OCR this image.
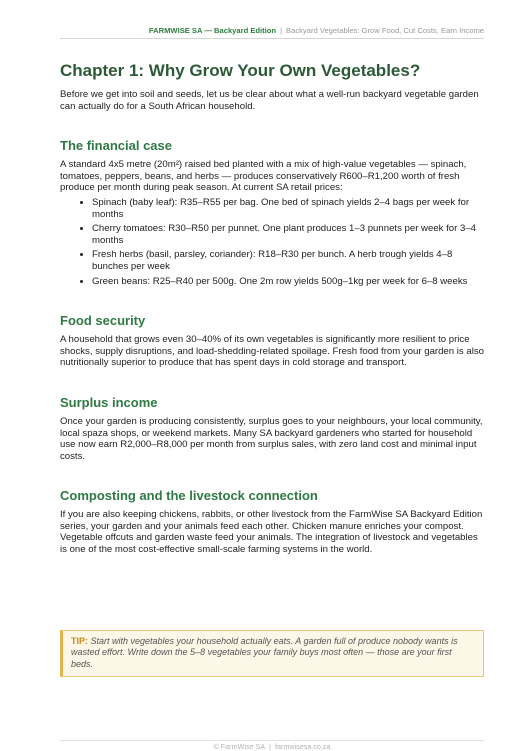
FARMWISE SA — Backyard Edition | Backyard Vegetables: Grow Food, Cut Costs, Earn Income
Chapter 1: Why Grow Your Own Vegetables?

Before we get into soil and seeds, let us be clear about what a well-run backyard vegetable garden can actually do for a South African household.

The financial case

A standard 4x5 metre (20m²) raised bed planted with a mix of high-value vegetables — spinach, tomatoes, peppers, beans, and herbs — produces conservatively R600–R1,200 worth of fresh produce per month during peak season. At current SA retail prices:

• Spinach (baby leaf): R35–R55 per bag. One bed of spinach yields 2–4 bags per week for months
• Cherry tomatoes: R30–R50 per punnet. One plant produces 1–3 punnets per week for 3–4 months
• Fresh herbs (basil, parsley, coriander): R18–R30 per bunch. A herb trough yields 4–8 bunches per week
• Green beans: R25–R40 per 500g. One 2m row yields 500g–1kg per week for 6–8 weeks
Food security

A household that grows even 30–40% of its own vegetables is significantly more resilient to price shocks, supply disruptions, and load-shedding-related spoilage. Fresh food from your garden is also nutritionally superior to produce that has spent days in cold storage and transport.

Surplus income

Once your garden is producing consistently, surplus goes to your neighbours, your local community, local spaza shops, or weekend markets. Many SA backyard gardeners who started for household use now earn R2,000–R8,000 per month from surplus sales, with zero land cost and minimal input costs.

Composting and the livestock connection

If you are also keeping chickens, rabbits, or other livestock from the FarmWise SA Backyard Edition series, your garden and your animals feed each other. Chicken manure enriches your compost. Vegetable offcuts and garden waste feed your animals. The integration of livestock and vegetables is one of the most cost-effective small-scale farming systems in the world.

TIP: Start with vegetables your household actually eats. A garden full of produce nobody wants is wasted effort. Write down the 5–8 vegetables your family buys most often — those are your first beds.
© FarmWise SA | farmwisesa.co.za
